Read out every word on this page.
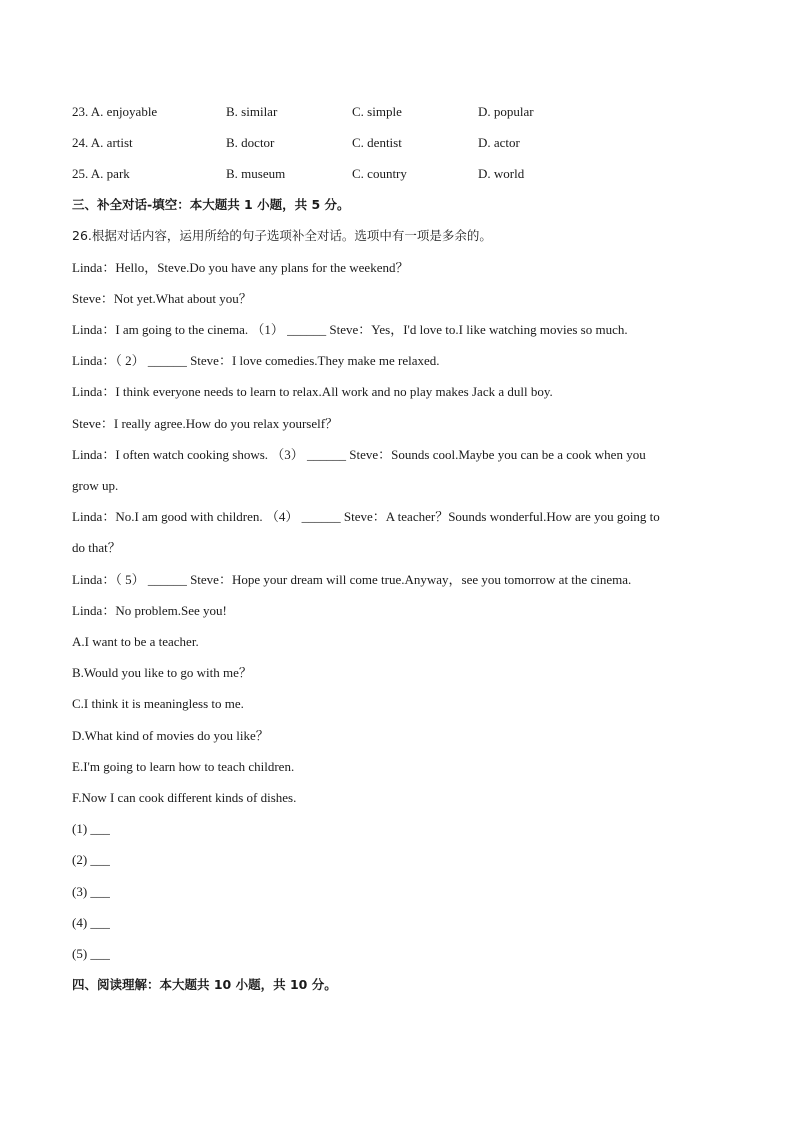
23. A. enjoyable	B. similar	C. simple	D. popular
24. A. artist	B. doctor	C. dentist	D. actor
25. A. park	B. museum	C. country	D. world
三、补全对话-填空：本大题共 1 小题，共 5 分。
26.根据对话内容，运用所给的句子选项补全对话。选项中有一项是多余的。
Linda：Hello，Steve.Do you have any plans for the weekend？
Steve：Not yet.What about you？
Linda：I am going to the cinema. （1） ______ Steve：Yes，I'd love to.I like watching movies so much.
Linda：（ 2） ______ Steve：I love comedies.They make me relaxed.
Linda：I think everyone needs to learn to relax.All work and no play makes Jack a dull boy.
Steve：I really agree.How do you relax yourself？
Linda：I often watch cooking shows. （3） ______ Steve：Sounds cool.Maybe you can be a cook when you
grow up.
Linda：No.I am good with children. （4） ______ Steve：A teacher？Sounds wonderful.How are you going to
do that？
Linda：（ 5） ______ Steve：Hope your dream will come true.Anyway，see you tomorrow at the cinema.
Linda：No problem.See you!
A.I want to be a teacher.
B.Would you like to go with me？
C.I think it is meaningless to me.
D.What kind of movies do you like？
E.I'm going to learn how to teach children.
F.Now I can cook different kinds of dishes.
(1) ___
(2) ___
(3) ___
(4) ___
(5) ___
四、阅读理解：本大题共 10 小题，共 10 分。
